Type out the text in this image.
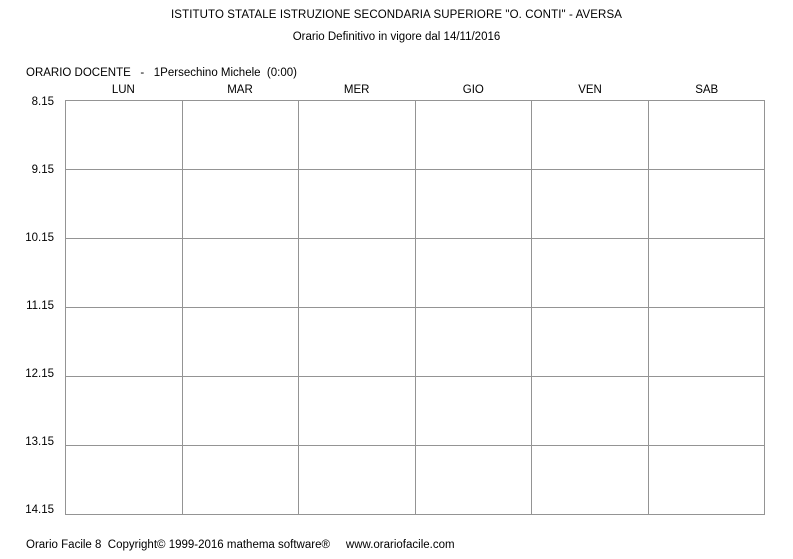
ISTITUTO STATALE ISTRUZIONE SECONDARIA SUPERIORE "O. CONTI" - AVERSA
Orario Definitivo in vigore dal 14/11/2016
ORARIO DOCENTE   -   1Persechino Michele  (0:00)
LUN	MAR	MER	GIO	VEN	SAB
8.15
9.15
10.15
11.15
12.15
13.15
14.15

Orario Facile 8  Copyright© 1999-2016 mathema software®     www.orariofacile.com
